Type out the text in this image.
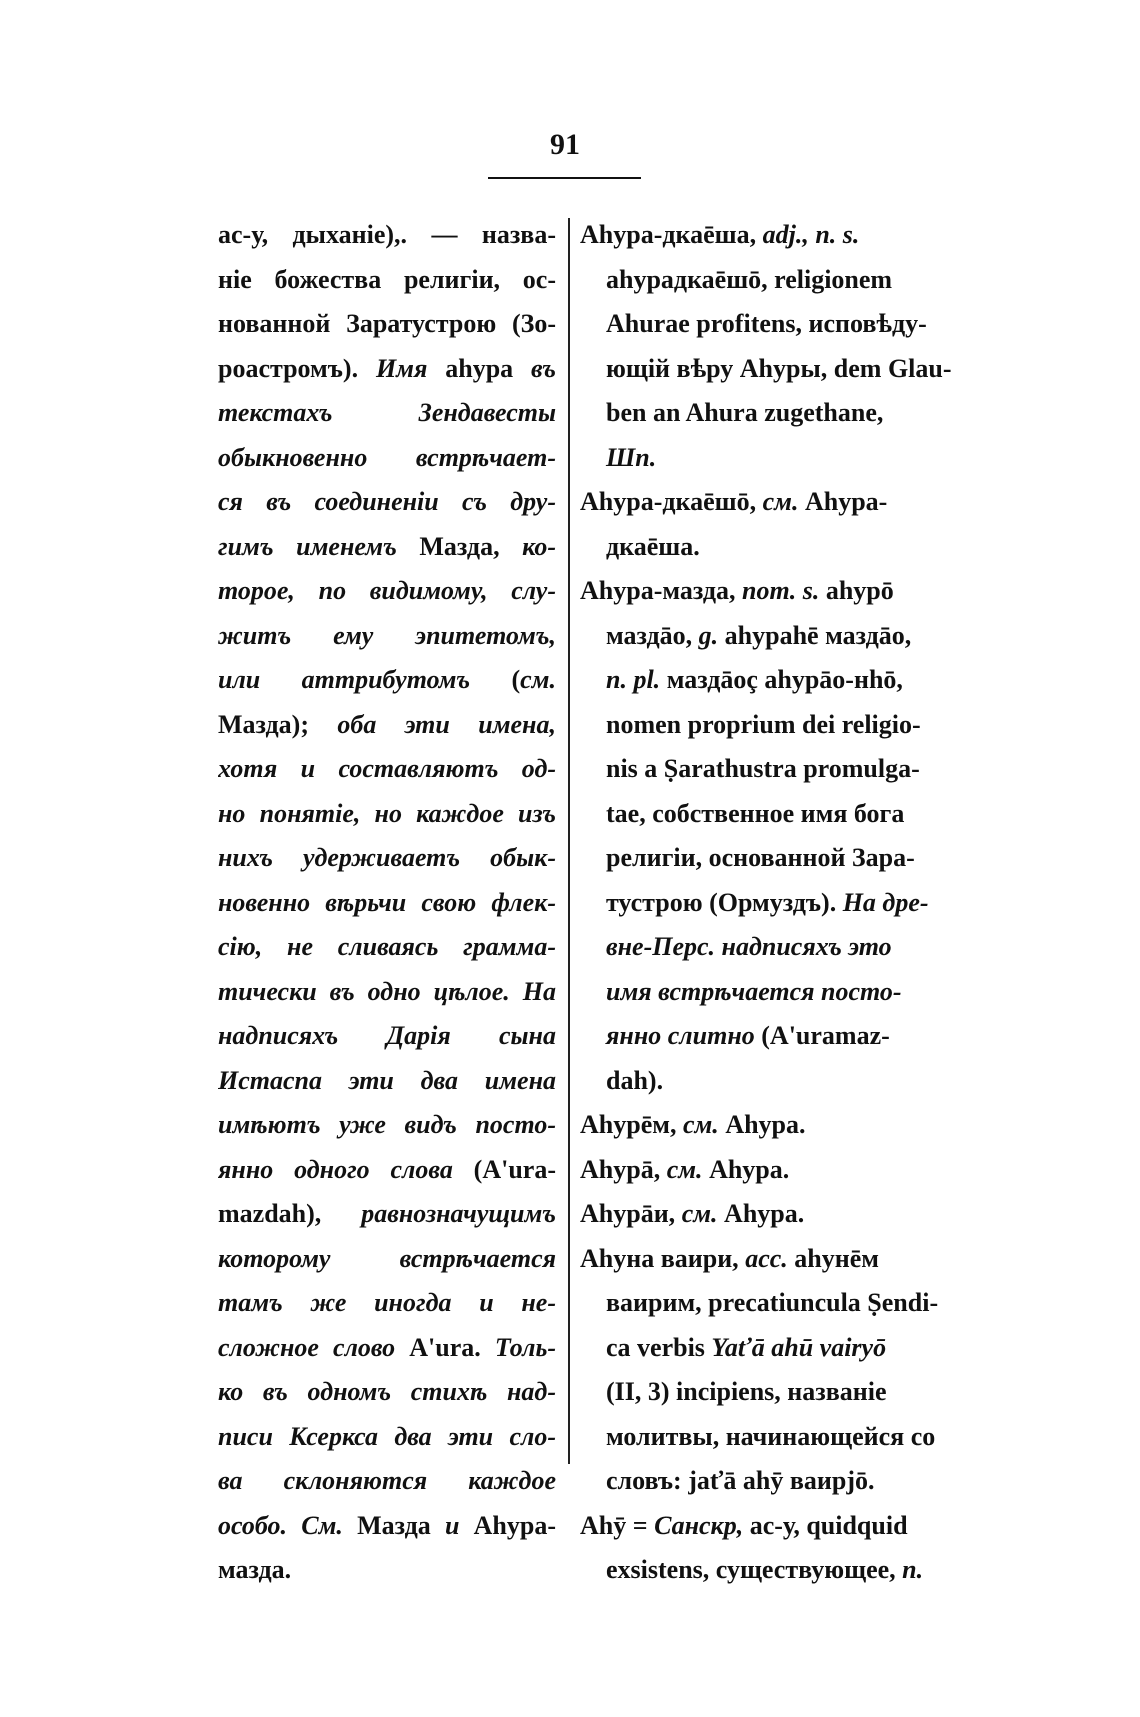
91
ас-у, дыханіе),. — назва-
ніе божества религіи, ос-
нованной Заратустрою (Зо-
роастромъ). Имя аhура въ
текстахъ Зендавесты
обыкновенно встрѣчает-
ся въ соединеніи съ дру-
гимъ именемъ Мазда, ко-
торое, по видимому, слу-
житъ ему эпитетомъ,
или аттрибутомъ (см.
Мазда); оба эти имена,
хотя и составляютъ од-
но понятіе, но каждое изъ
нихъ удерживаетъ обык-
новенно вѣрьчи свою флек-
сію, не сливаясь грамма-
тически въ одно цѣлое. На
надписяхъ Дарія сына
Истаспа эти два имена
имѣютъ уже видъ посто-
янно одного слова (A'ura-
mazdah), равнозначущимъ
которому встрѣчается
тамъ же иногда и не-
сложное слово A'ura. Толь-
ко въ одномъ стихѣ над-
писи Ксеркса два эти сло-
ва склоняются каждое
особо. См. Мазда и Аhура-
мазда.
Аhура-дкаēша, adj., n. s.
аhурадкаēшō, religionem
Ahurae profitens, исповѣду-
ющій вѣру Аhуры, dem Glau-
ben an Ahura zugethane,
Шп.
Аhура-дкаēшō, см. Аhура-
дкаēша.
Аhура-мазда, nom. s. аhурō
маздāо, g. аhураhē маздāо,
n. pl. маздāоç аhурāо-нhō,
nomen proprium dei religio-
nis a Ṣarathustra promulga-
tae, собственное имя бога
религіи, основанной Зара-
тустрою (Ормуздъ). На дре-
вне-Перс. надписяхъ это
имя встрѣчается посто-
янно слитно (A'uramaz-
dah).
Аhурēм, см. Аhура.
Аhурā, см. Аhура.
Аhурāи, см. Аhура.
Аhуна ваири, acc. аhунēм
ваирим, precatiuncula Ṣendi-
ca verbis Yaťā ahū vairyō
(II, 3) incipiens, названіе
молитвы, начинающейся со
словъ: jаťā аhӯ ваирjō.
Аhӯ = Санскр, ас-у, quidquid
exsistens, существующее, n.
